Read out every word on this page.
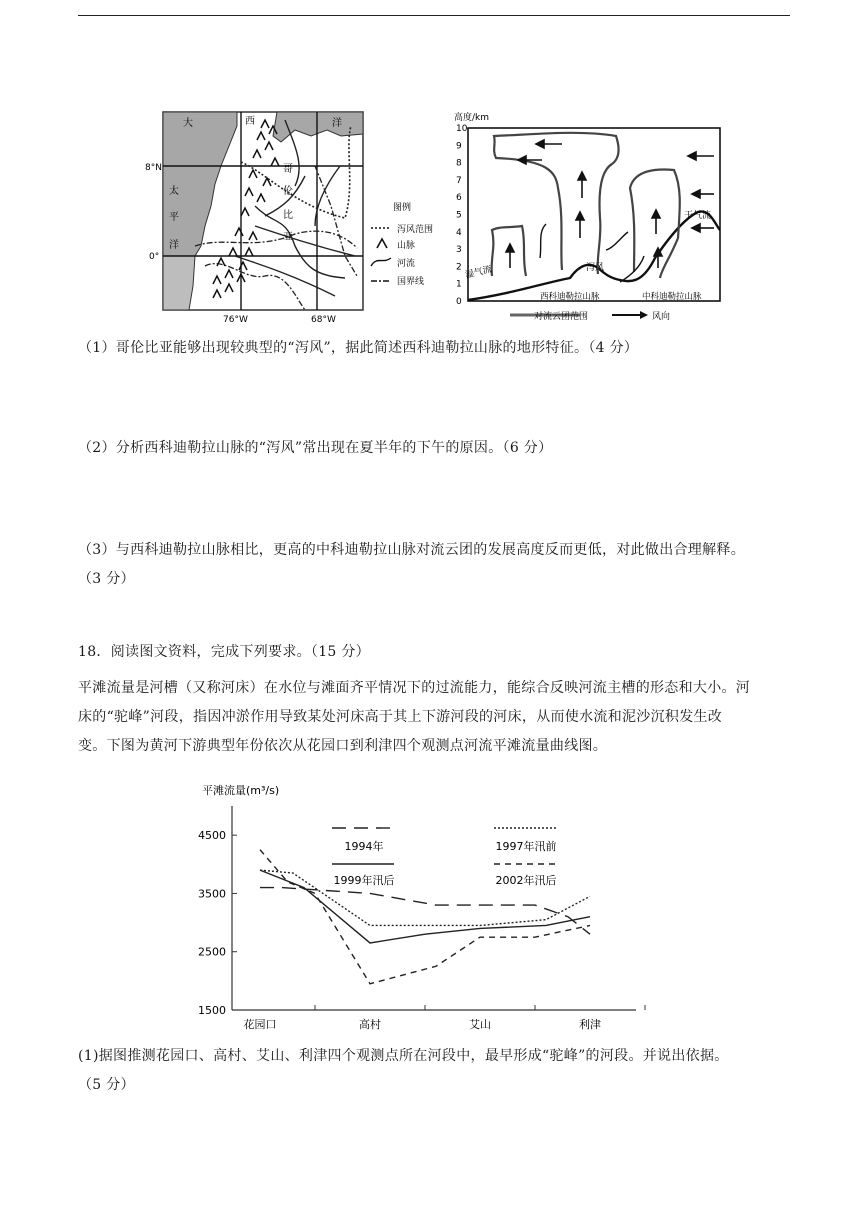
大	西	洋
太
平
洋
哥
伦
比
亚
8°N
0°
76°W	68°W
图例
泻风范围
山脉
河流
国界线
高度/km
0
1
2
3
4
5
6
7
8
9
10
湿气流
干气流
泻风
西科迪勒拉山脉	中科迪勒拉山脉
对流云团范围	风向
（1）哥伦比亚能够出现较典型的“泻风”，据此简述西科迪勒拉山脉的地形特征。（4 分）
（2）分析西科迪勒拉山脉的“泻风”常出现在夏半年的下午的原因。（6 分）
（3）与西科迪勒拉山脉相比，更高的中科迪勒拉山脉对流云团的发展高度反而更低，对此做出合理解释。
（3 分）
18．阅读图文资料，完成下列要求。（15 分）
平滩流量是河槽（又称河床）在水位与滩面齐平情况下的过流能力，能综合反映河流主槽的形态和大小。河
床的“驼峰”河段，指因冲淤作用导致某处河床高于其上下游河段的河床，从而使水流和泥沙沉积发生改
变。下图为黄河下游典型年份依次从花园口到利津四个观测点河流平滩流量曲线图。
平滩流量(m³/s)
1500
2500
3500
4500
花园口	高村	艾山	利津
1994年	1997年汛前
1999年汛后	2002年汛后
(1)据图推测花园口、高村、艾山、利津四个观测点所在河段中，最早形成“驼峰”的河段。并说出依据。
（5 分）
